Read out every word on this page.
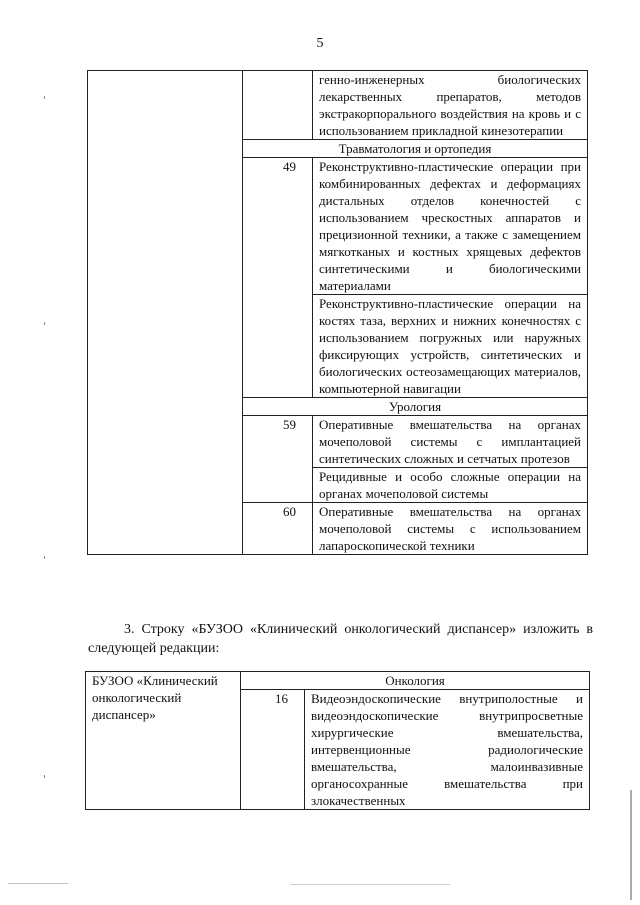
5
		генно-инженерных биологических лекарственных препаратов, методов экстракорпорального воздействия на кровь и с использованием прикладной кинезотерапии
	Травматология и ортопедия	
	49	Реконструктивно-пластические операции при комбинированных дефектах и деформациях дистальных отделов конечностей с использованием чрескостных аппаратов и прецизионной техники, а также с замещением мягкотканых и костных хрящевых дефектов синтетическими и биологическими материалами
		Реконструктивно-пластические операции на костях таза, верхних и нижних конечностях с использованием погружных или наружных фиксирующих устройств, синтетических и биологических остеозамещающих материалов, компьютерной навигации
	Урология	
	59	Оперативные вмешательства на органах мочеполовой системы с имплантацией синтетических сложных и сетчатых протезов
		Рецидивные и особо сложные операции на органах мочеполовой системы
	60	Оперативные вмешательства на органах мочеполовой системы с использованием лапароскопической техники
3. Строку «БУЗОО «Клинический онкологический диспансер» изложить в следующей редакции:
БУЗОО «Клинический онкологический диспансер»	Онкология	
	16	Видеоэндоскопические внутриполостные и видеоэндоскопические внутрипросветные хирургические вмешательства, интервенционные радиологические вмешательства, малоинвазивные органосохранные вмешательства при злокачественных
